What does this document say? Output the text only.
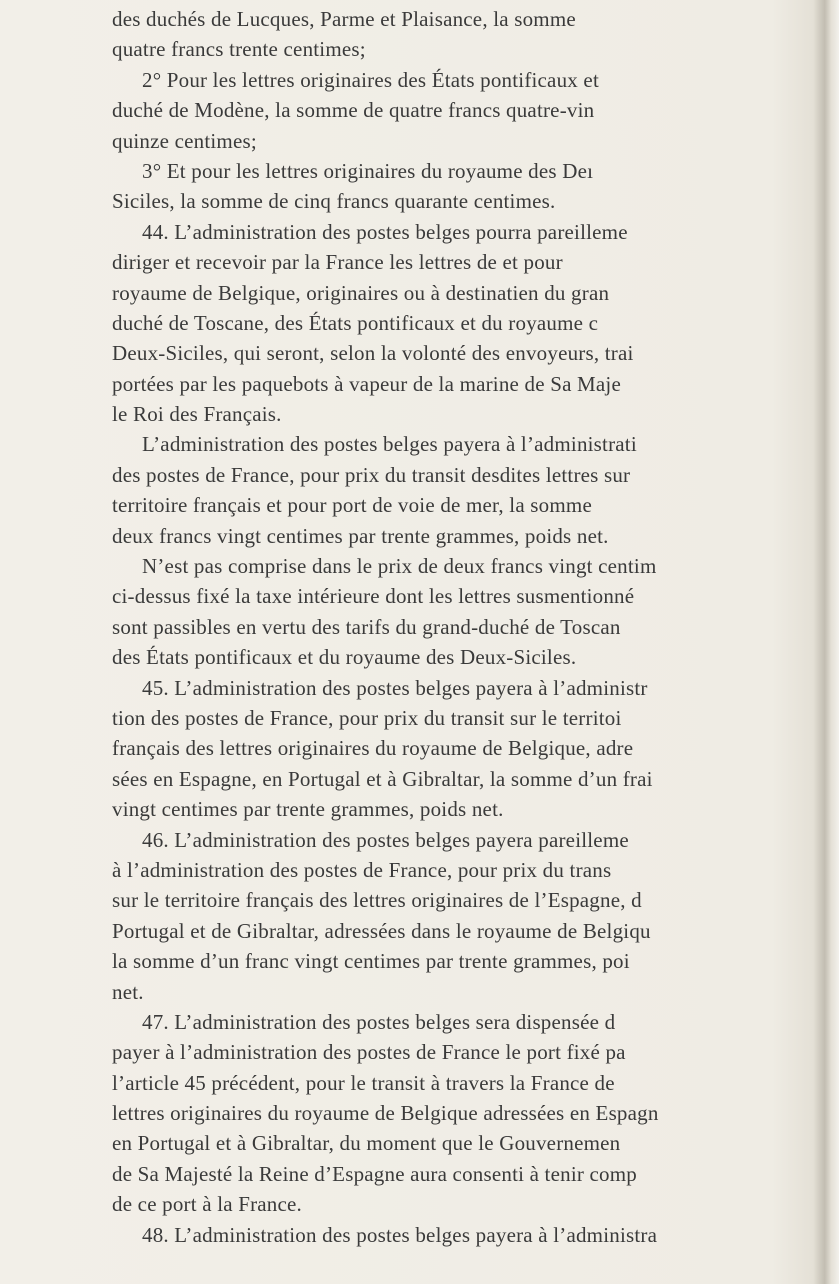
des duchés de Lucques, Parme et Plaisance, la somme
quatre francs trente centimes;
2° Pour les lettres originaires des États pontificaux et
duché de Modène, la somme de quatre francs quatre-vin
quinze centimes;
3° Et pour les lettres originaires du royaume des Deı
Siciles, la somme de cinq francs quarante centimes.
44. L’administration des postes belges pourra pareilleme
diriger et recevoir par la France les lettres de et pour
royaume de Belgique, originaires ou à destinatien du gran
duché de Toscane, des États pontificaux et du royaume c
Deux-Siciles, qui seront, selon la volonté des envoyeurs, trai
portées par les paquebots à vapeur de la marine de Sa Maje
le Roi des Français.
L’administration des postes belges payera à l’administrati
des postes de France, pour prix du transit desdites lettres sur
territoire français et pour port de voie de mer, la somme
deux francs vingt centimes par trente grammes, poids net.
N’est pas comprise dans le prix de deux francs vingt centim
ci-dessus fixé la taxe intérieure dont les lettres susmentionné
sont passibles en vertu des tarifs du grand-duché de Toscan
des États pontificaux et du royaume des Deux-Siciles.
45. L’administration des postes belges payera à l’administr
tion des postes de France, pour prix du transit sur le territoi
français des lettres originaires du royaume de Belgique, adre
sées en Espagne, en Portugal et à Gibraltar, la somme d’un frai
vingt centimes par trente grammes, poids net.
46. L’administration des postes belges payera pareilleme
à l’administration des postes de France, pour prix du trans
sur le territoire français des lettres originaires de l’Espagne, d
Portugal et de Gibraltar, adressées dans le royaume de Belgiqu
la somme d’un franc vingt centimes par trente grammes, poi
net.
47. L’administration des postes belges sera dispensée d
payer à l’administration des postes de France le port fixé pa
l’article 45 précédent, pour le transit à travers la France de
lettres originaires du royaume de Belgique adressées en Espagn
en Portugal et à Gibraltar, du moment que le Gouvernemen
de Sa Majesté la Reine d’Espagne aura consenti à tenir comp
de ce port à la France.
48. L’administration des postes belges payera à l’administra
